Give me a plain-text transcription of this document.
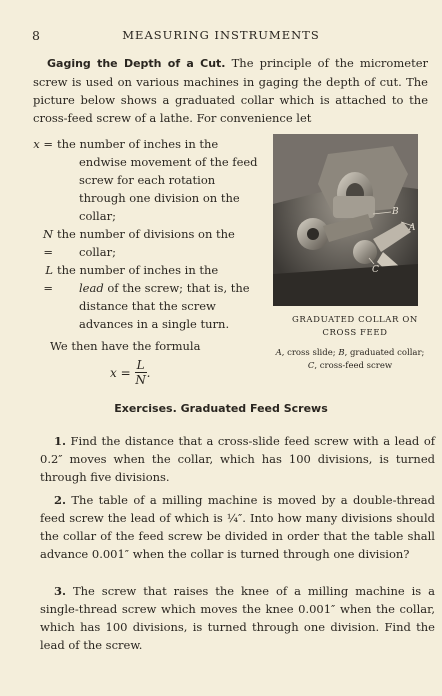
8	MEASURING INSTRUMENTS
Gaging the Depth of a Cut. The principle of the micrometer screw is used on various machines in gaging the depth of cut. The picture below shows a graduated collar which is attached to the cross-feed screw of a lathe. For convenience let
x = the number of inches in the
endwise movement of the feed screw for each rotation through one division on the collar;
N =
the number of divisions on the
collar;
L =
the number of inches in the
lead of the screw; that is, the distance that the screw advances in a single turn.
We then have the formula
$x = \frac{L}{N}$ .
B
A
C
GRADUATED COLLAR ON CROSS FEED
A, cross slide; B, graduated collar; C, cross-feed screw
Exercises. Graduated Feed Screws
1. Find the distance that a cross-slide feed screw with a lead of 0.2″ moves when the collar, which has 100 divisions, is turned through five divisions.
2. The table of a milling machine is moved by a double-thread feed screw the lead of which is ¼″. Into how many divisions should the collar of the feed screw be divided in order that the table shall advance 0.001″ when the collar is turned through one division?
3. The screw that raises the knee of a milling machine is a single-thread screw which moves the knee 0.001″ when the collar, which has 100 divisions, is turned through one division. Find the lead of the screw.
